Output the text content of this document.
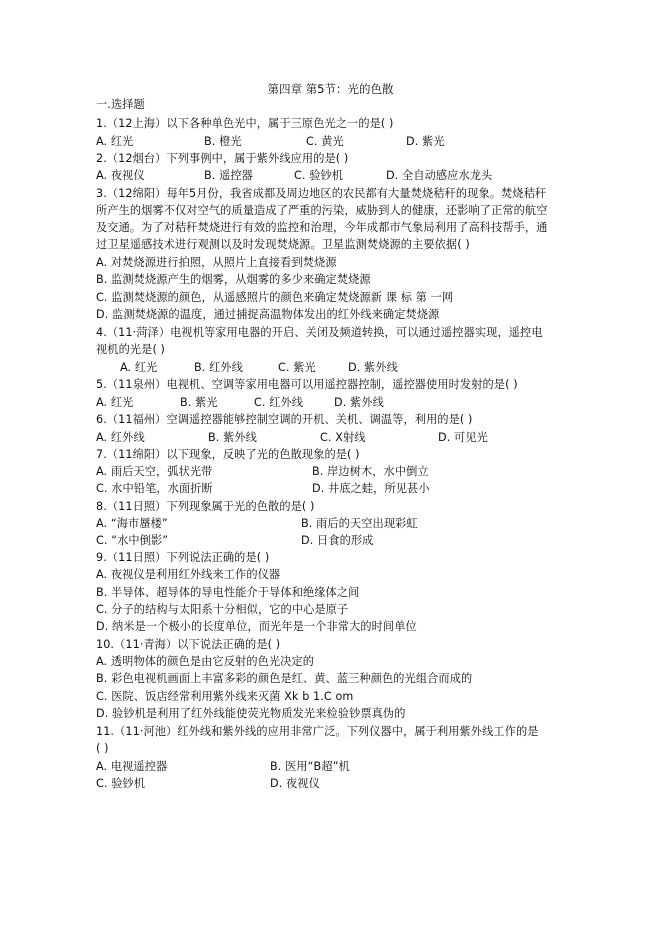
第四章 第5节：光的色散
一.选择题
1.（12上海）以下各种单色光中，属于三原色光之一的是( )
A. 红光	B. 橙光	C. 黄光	D. 紫光
2.（12烟台）下列事例中，属于紫外线应用的是( )
A. 夜视仪	B. 遥控器	C. 验钞机	D. 全自动感应水龙头
3.（12绵阳）每年5月份，我省成都及周边地区的农民都有大量焚烧秸秆的现象。焚烧秸秆
所产生的烟雾不仅对空气的质量造成了严重的污染，威胁到人的健康，还影响了正常的航空
及交通。为了对秸秆焚烧进行有效的监控和治理，今年成都市气象局利用了高科技帮手，通
过卫星遥感技术进行观测以及时发现焚烧源。卫星监测焚烧源的主要依据( )
A. 对焚烧源进行拍照，从照片上直接看到焚烧源
B. 监测焚烧源产生的烟雾，从烟雾的多少来确定焚烧源
C. 监测焚烧源的颜色，从遥感照片的颜色来确定焚烧源新 课 标 第 一网
D. 监测焚烧源的温度，通过捕捉高温物体发出的红外线来确定焚烧源
4.（11·菏泽）电视机等家用电器的开启、关闭及频道转换，可以通过遥控器实现，遥控电
视机的光是( )
A. 红光	B. 红外线	C. 紫光	D. 紫外线
5.（11泉州）电视机、空调等家用电器可以用遥控器控制，遥控器使用时发射的是( )
A. 红光	B. 紫光	C. 红外线	D. 紫外线
6.（11福州）空调遥控器能够控制空调的开机、关机、调温等，利用的是( )
A. 红外线	B. 紫外线	C. X射线	D. 可见光
7.（11绵阳）以下现象，反映了光的色散现象的是( )
A. 雨后天空，弧状光带	B. 岸边树木，水中倒立
C. 水中铅笔，水面折断	D. 井底之蛙，所见甚小
8.（11日照）下列现象属于光的色散的是( )
A. “海市蜃楼”	B. 雨后的天空出现彩虹
C. “水中倒影”	D. 日食的形成
9.（11日照）下列说法正确的是( )
A. 夜视仪是利用红外线来工作的仪器
B. 半导体、超导体的导电性能介于导体和绝缘体之间
C. 分子的结构与太阳系十分相似，它的中心是原子
D. 纳米是一个极小的长度单位，而光年是一个非常大的时间单位
10.（11·青海）以下说法正确的是( )
A. 透明物体的颜色是由它反射的色光决定的
B. 彩色电视机画面上丰富多彩的颜色是红、黄、蓝三种颜色的光组合而成的
C. 医院、饭店经常利用紫外线来灭菌 Xk b 1.C om
D. 验钞机是利用了红外线能使荧光物质发光来检验钞票真伪的
11.（11·河池）红外线和紫外线的应用非常广泛。下列仪器中，属于利用紫外线工作的是
( )
A. 电视遥控器	B. 医用“B超”机
C. 验钞机	D. 夜视仪
